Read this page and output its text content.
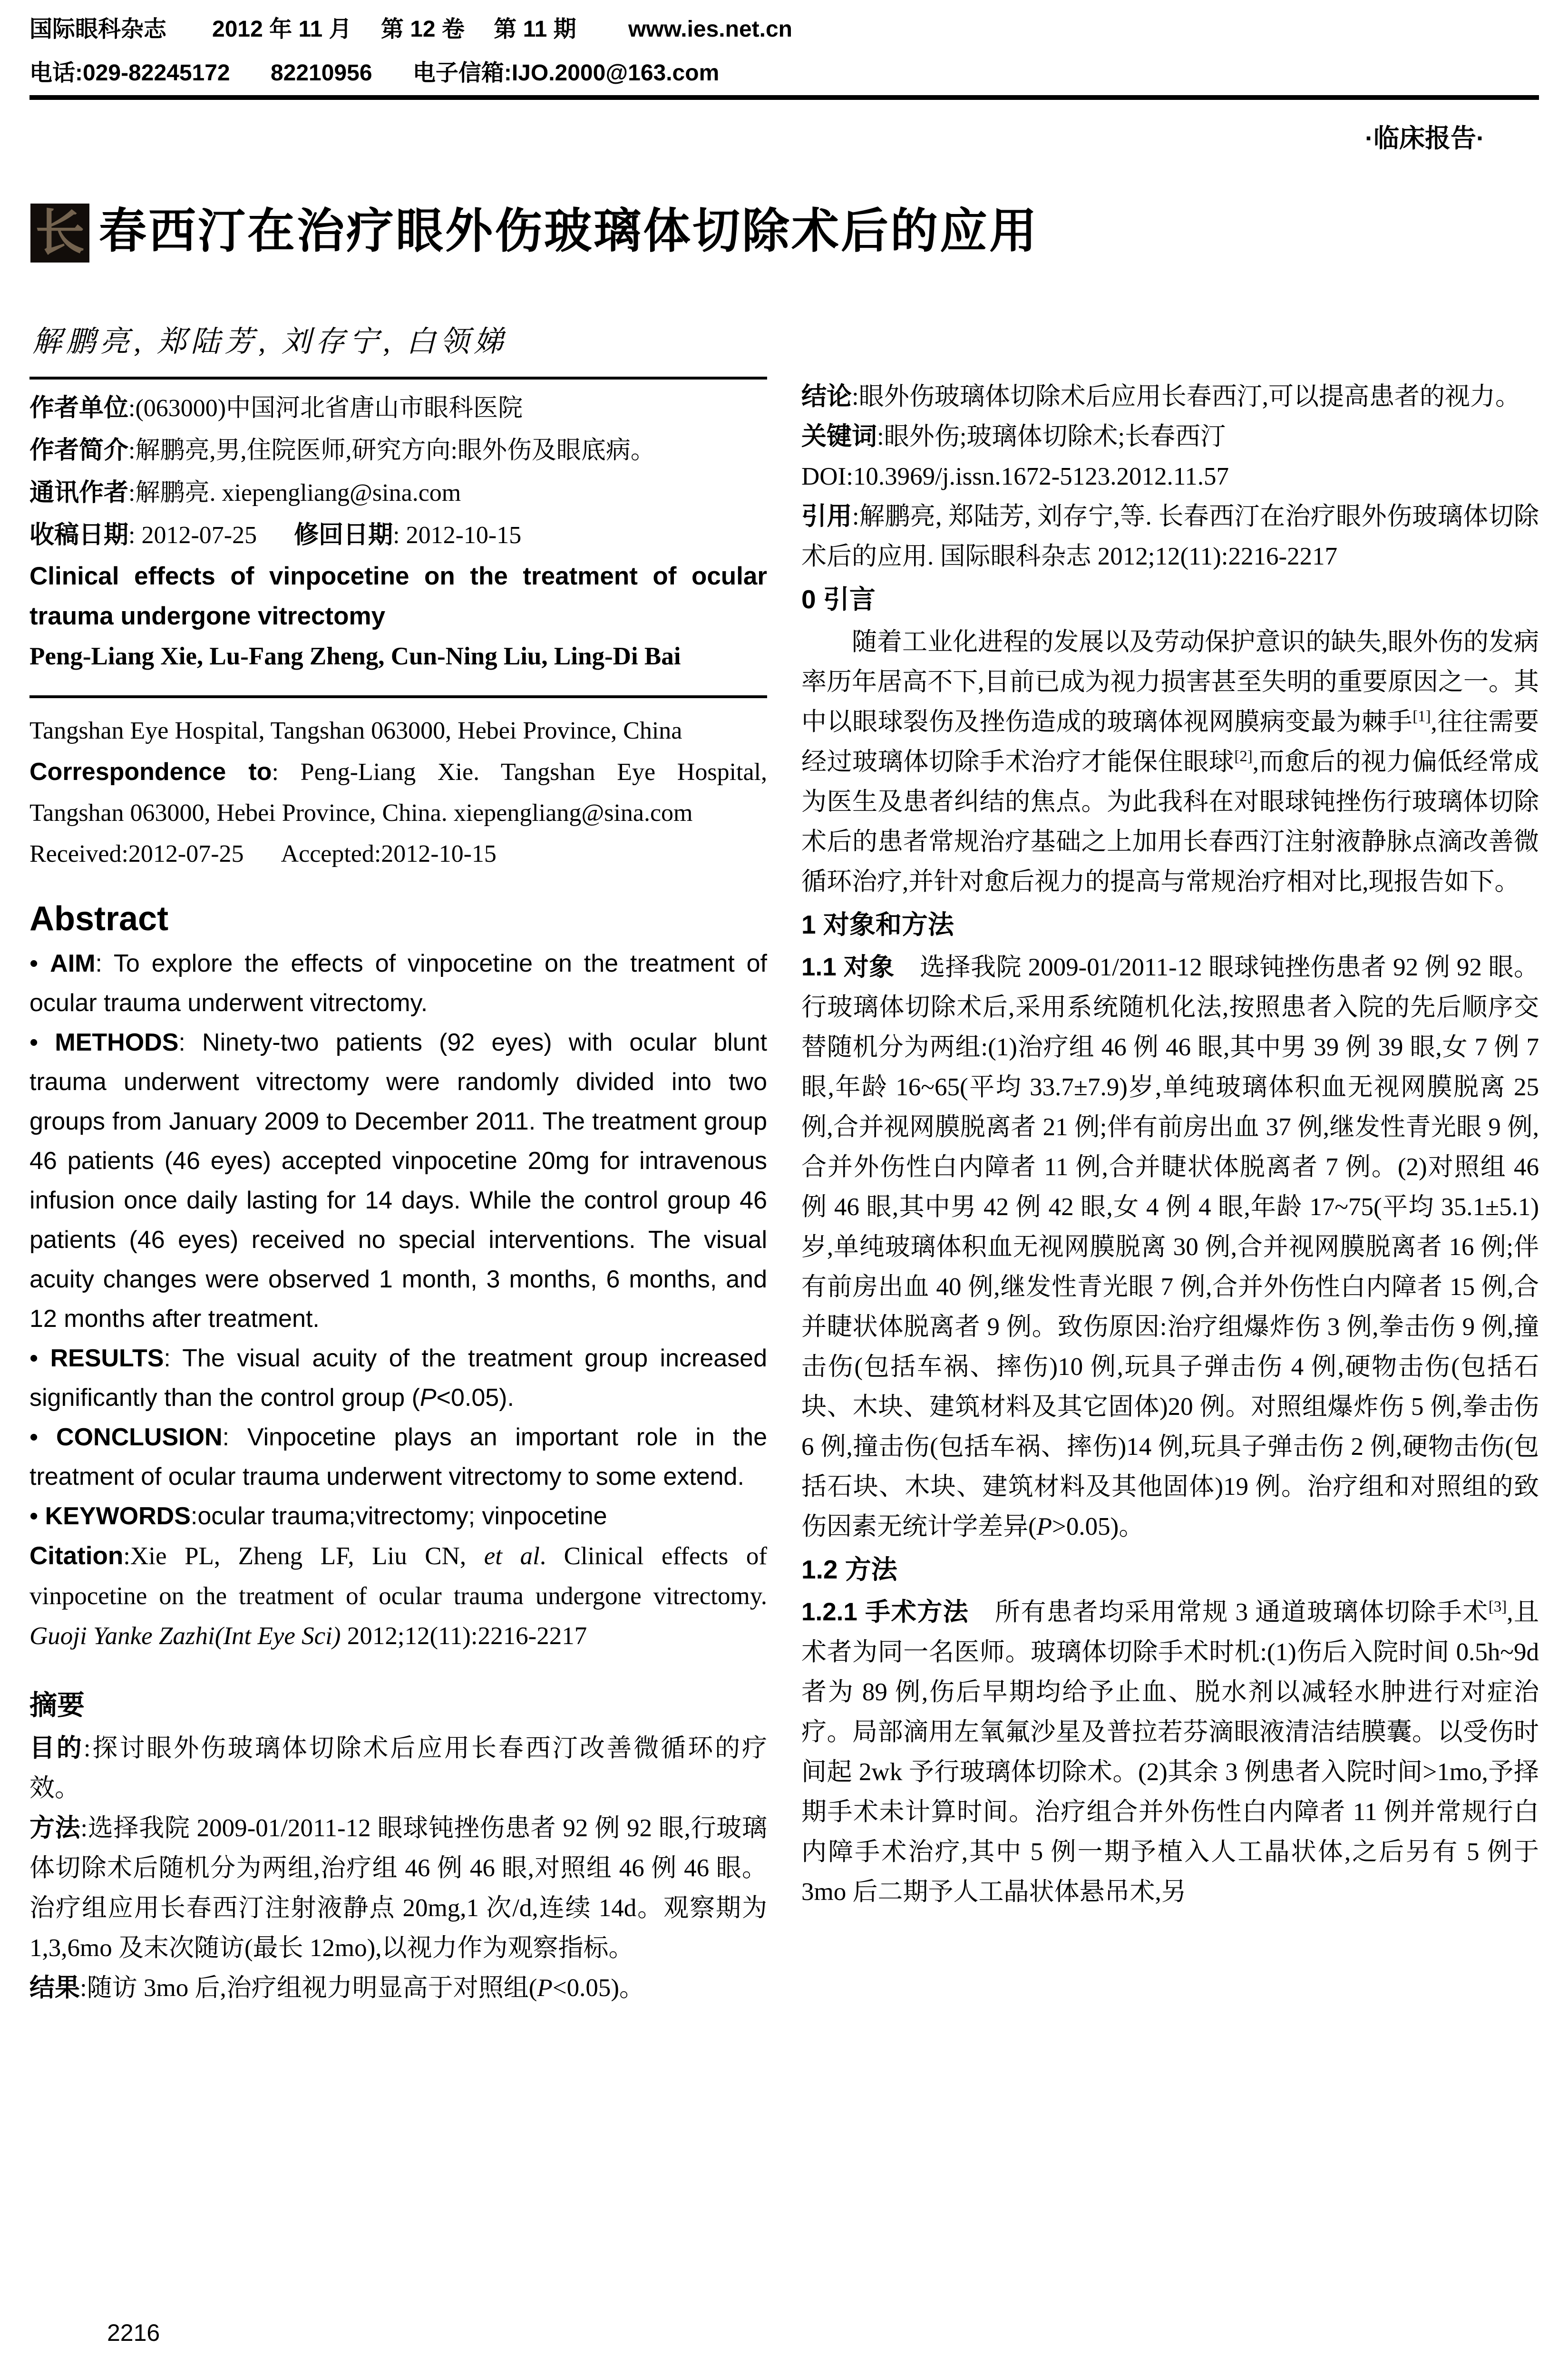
国际眼科杂志  2012 年 11 月  第 12 卷  第 11 期   www.ies.net.cn
电话:029-82245172   82210956   电子信箱:IJO.2000@163.com
·临床报告·
长 春西汀在治疗眼外伤玻璃体切除术后的应用
解鹏亮, 郑陆芳, 刘存宁, 白领娣

作者单位:(063000)中国河北省唐山市眼科医院

作者简介:解鹏亮,男,住院医师,研究方向:眼外伤及眼底病。

通讯作者:解鹏亮. xiepengliang@sina.com

收稿日期: 2012-07-25  修回日期: 2012-10-15

Clinical effects of vinpocetine on the treatment of ocular trauma undergone vitrectomy

Peng-Liang Xie, Lu-Fang Zheng, Cun-Ning Liu, Ling-Di Bai

Tangshan Eye Hospital, Tangshan 063000, Hebei Province, China

Correspondence to: Peng-Liang Xie. Tangshan Eye Hospital, Tangshan 063000, Hebei Province, China. xiepengliang@sina.com

Received:2012-07-25  Accepted:2012-10-15

Abstract

• AIM: To explore the effects of vinpocetine on the treatment of ocular trauma underwent vitrectomy.

• METHODS: Ninety-two patients (92 eyes) with ocular blunt trauma underwent vitrectomy were randomly divided into two groups from January 2009 to December 2011. The treatment group 46 patients (46 eyes) accepted vinpocetine 20mg for intravenous infusion once daily lasting for 14 days. While the control group 46 patients (46 eyes) received no special interventions. The visual acuity changes were observed 1 month, 3 months, 6 months, and 12 months after treatment.

• RESULTS: The visual acuity of the treatment group increased significantly than the control group (P<0.05).

• CONCLUSION: Vinpocetine plays an important role in the treatment of ocular trauma underwent vitrectomy to some extend.

• KEYWORDS:ocular trauma;vitrectomy; vinpocetine

Citation:Xie PL, Zheng LF, Liu CN, et al. Clinical effects of vinpocetine on the treatment of ocular trauma undergone vitrectomy. Guoji Yanke Zazhi(Int Eye Sci) 2012;12(11):2216-2217

摘要

目的:探讨眼外伤玻璃体切除术后应用长春西汀改善微循环的疗效。

方法:选择我院 2009-01/2011-12 眼球钝挫伤患者 92 例 92 眼,行玻璃体切除术后随机分为两组,治疗组 46 例 46 眼,对照组 46 例 46 眼。治疗组应用长春西汀注射液静点 20mg,1 次/d,连续 14d。观察期为 1,3,6mo 及末次随访(最长 12mo),以视力作为观察指标。

结果:随访 3mo 后,治疗组视力明显高于对照组(P<0.05)。

结论:眼外伤玻璃体切除术后应用长春西汀,可以提高患者的视力。

关键词:眼外伤;玻璃体切除术;长春西汀

DOI:10.3969/j.issn.1672-5123.2012.11.57

引用:解鹏亮, 郑陆芳, 刘存宁,等. 长春西汀在治疗眼外伤玻璃体切除术后的应用. 国际眼科杂志 2012;12(11):2216-2217

0 引言

随着工业化进程的发展以及劳动保护意识的缺失,眼外伤的发病率历年居高不下,目前已成为视力损害甚至失明的重要原因之一。其中以眼球裂伤及挫伤造成的玻璃体视网膜病变最为棘手[1],往往需要经过玻璃体切除手术治疗才能保住眼球[2],而愈后的视力偏低经常成为医生及患者纠结的焦点。为此我科在对眼球钝挫伤行玻璃体切除术后的患者常规治疗基础之上加用长春西汀注射液静脉点滴改善微循环治疗,并针对愈后视力的提高与常规治疗相对比,现报告如下。

1 对象和方法

1.1 对象 选择我院 2009-01/2011-12 眼球钝挫伤患者 92 例 92 眼。行玻璃体切除术后,采用系统随机化法,按照患者入院的先后顺序交替随机分为两组:(1)治疗组 46 例 46 眼,其中男 39 例 39 眼,女 7 例 7 眼,年龄 16~65(平均 33.7±7.9)岁,单纯玻璃体积血无视网膜脱离 25 例,合并视网膜脱离者 21 例;伴有前房出血 37 例,继发性青光眼 9 例,合并外伤性白内障者 11 例,合并睫状体脱离者 7 例。(2)对照组 46 例 46 眼,其中男 42 例 42 眼,女 4 例 4 眼,年龄 17~75(平均 35.1±5.1)岁,单纯玻璃体积血无视网膜脱离 30 例,合并视网膜脱离者 16 例;伴有前房出血 40 例,继发性青光眼 7 例,合并外伤性白内障者 15 例,合并睫状体脱离者 9 例。致伤原因:治疗组爆炸伤 3 例,拳击伤 9 例,撞击伤(包括车祸、摔伤)10 例,玩具子弹击伤 4 例,硬物击伤(包括石块、木块、建筑材料及其它固体)20 例。对照组爆炸伤 5 例,拳击伤 6 例,撞击伤(包括车祸、摔伤)14 例,玩具子弹击伤 2 例,硬物击伤(包括石块、木块、建筑材料及其他固体)19 例。治疗组和对照组的致伤因素无统计学差异(P>0.05)。

1.2 方法

1.2.1 手术方法 所有患者均采用常规 3 通道玻璃体切除手术[3],且术者为同一名医师。玻璃体切除手术时机:(1)伤后入院时间 0.5h~9d 者为 89 例,伤后早期均给予止血、脱水剂以减轻水肿进行对症治疗。局部滴用左氧氟沙星及普拉若芬滴眼液清洁结膜囊。以受伤时间起 2wk 予行玻璃体切除术。(2)其余 3 例患者入院时间>1mo,予择期手术未计算时间。治疗组合并外伤性白内障者 11 例并常规行白内障手术治疗,其中 5 例一期予植入人工晶状体,之后另有 5 例于 3mo 后二期予人工晶状体悬吊术,另

2216
